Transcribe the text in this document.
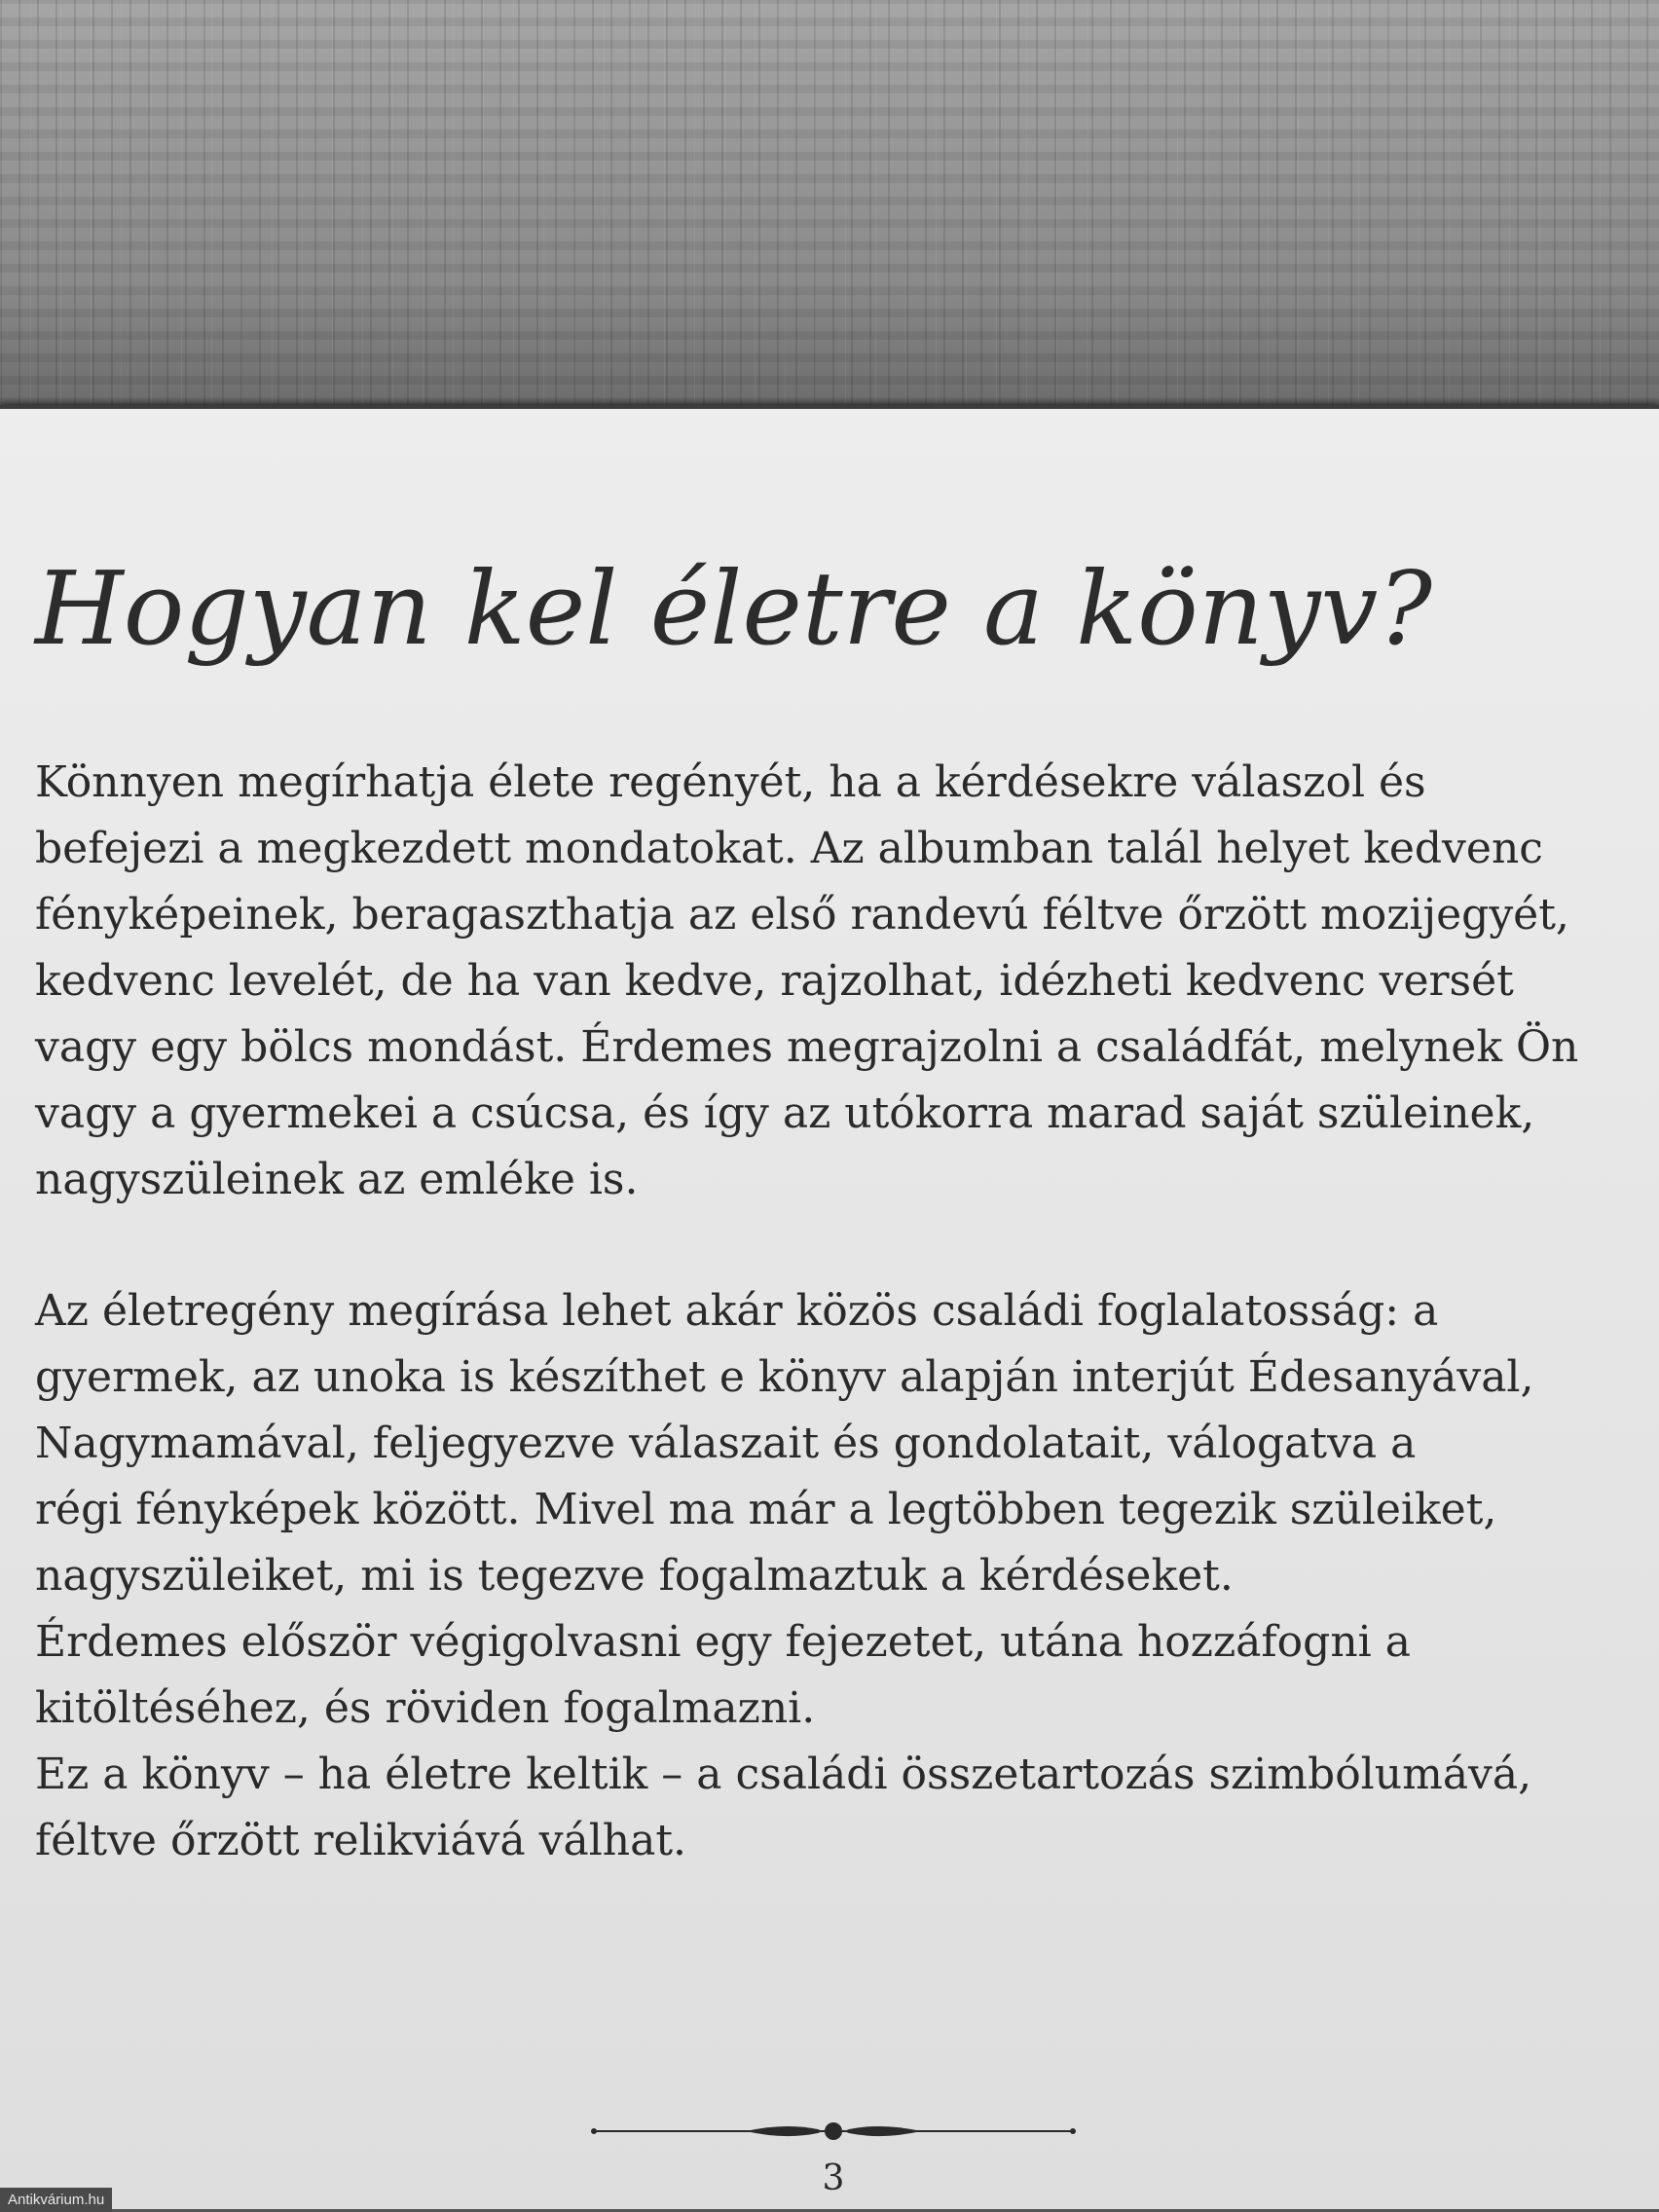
Hogyan kel életre a könyv?
Könnyen megírhatja élete regényét, ha a kérdésekre válaszol és
befejezi a megkezdett mondatokat. Az albumban talál helyet kedvenc
fényképeinek, beragaszthatja az első randevú féltve őrzött mozijegyét,
kedvenc levelét, de ha van kedve, rajzolhat, idézheti kedvenc versét
vagy egy bölcs mondást. Érdemes megrajzolni a családfát, melynek Ön
vagy a gyermekei a csúcsa, és így az utókorra marad saját szüleinek,
nagyszüleinek az emléke is.
Az életregény megírása lehet akár közös családi foglalatosság: a
gyermek, az unoka is készíthet e könyv alapján interjút Édesanyával,
Nagymamával, feljegyezve válaszait és gondolatait, válogatva a
régi fényképek között. Mivel ma már a legtöbben tegezik szüleiket,
nagyszüleiket, mi is tegezve fogalmaztuk a kérdéseket.
Érdemes először végigolvasni egy fejezetet, utána hozzáfogni a
kitöltéséhez, és röviden fogalmazni.
Ez a könyv – ha életre keltik – a családi összetartozás szimbólumává,
féltve őrzött relikviává válhat.
3
Antikvárium.hu
